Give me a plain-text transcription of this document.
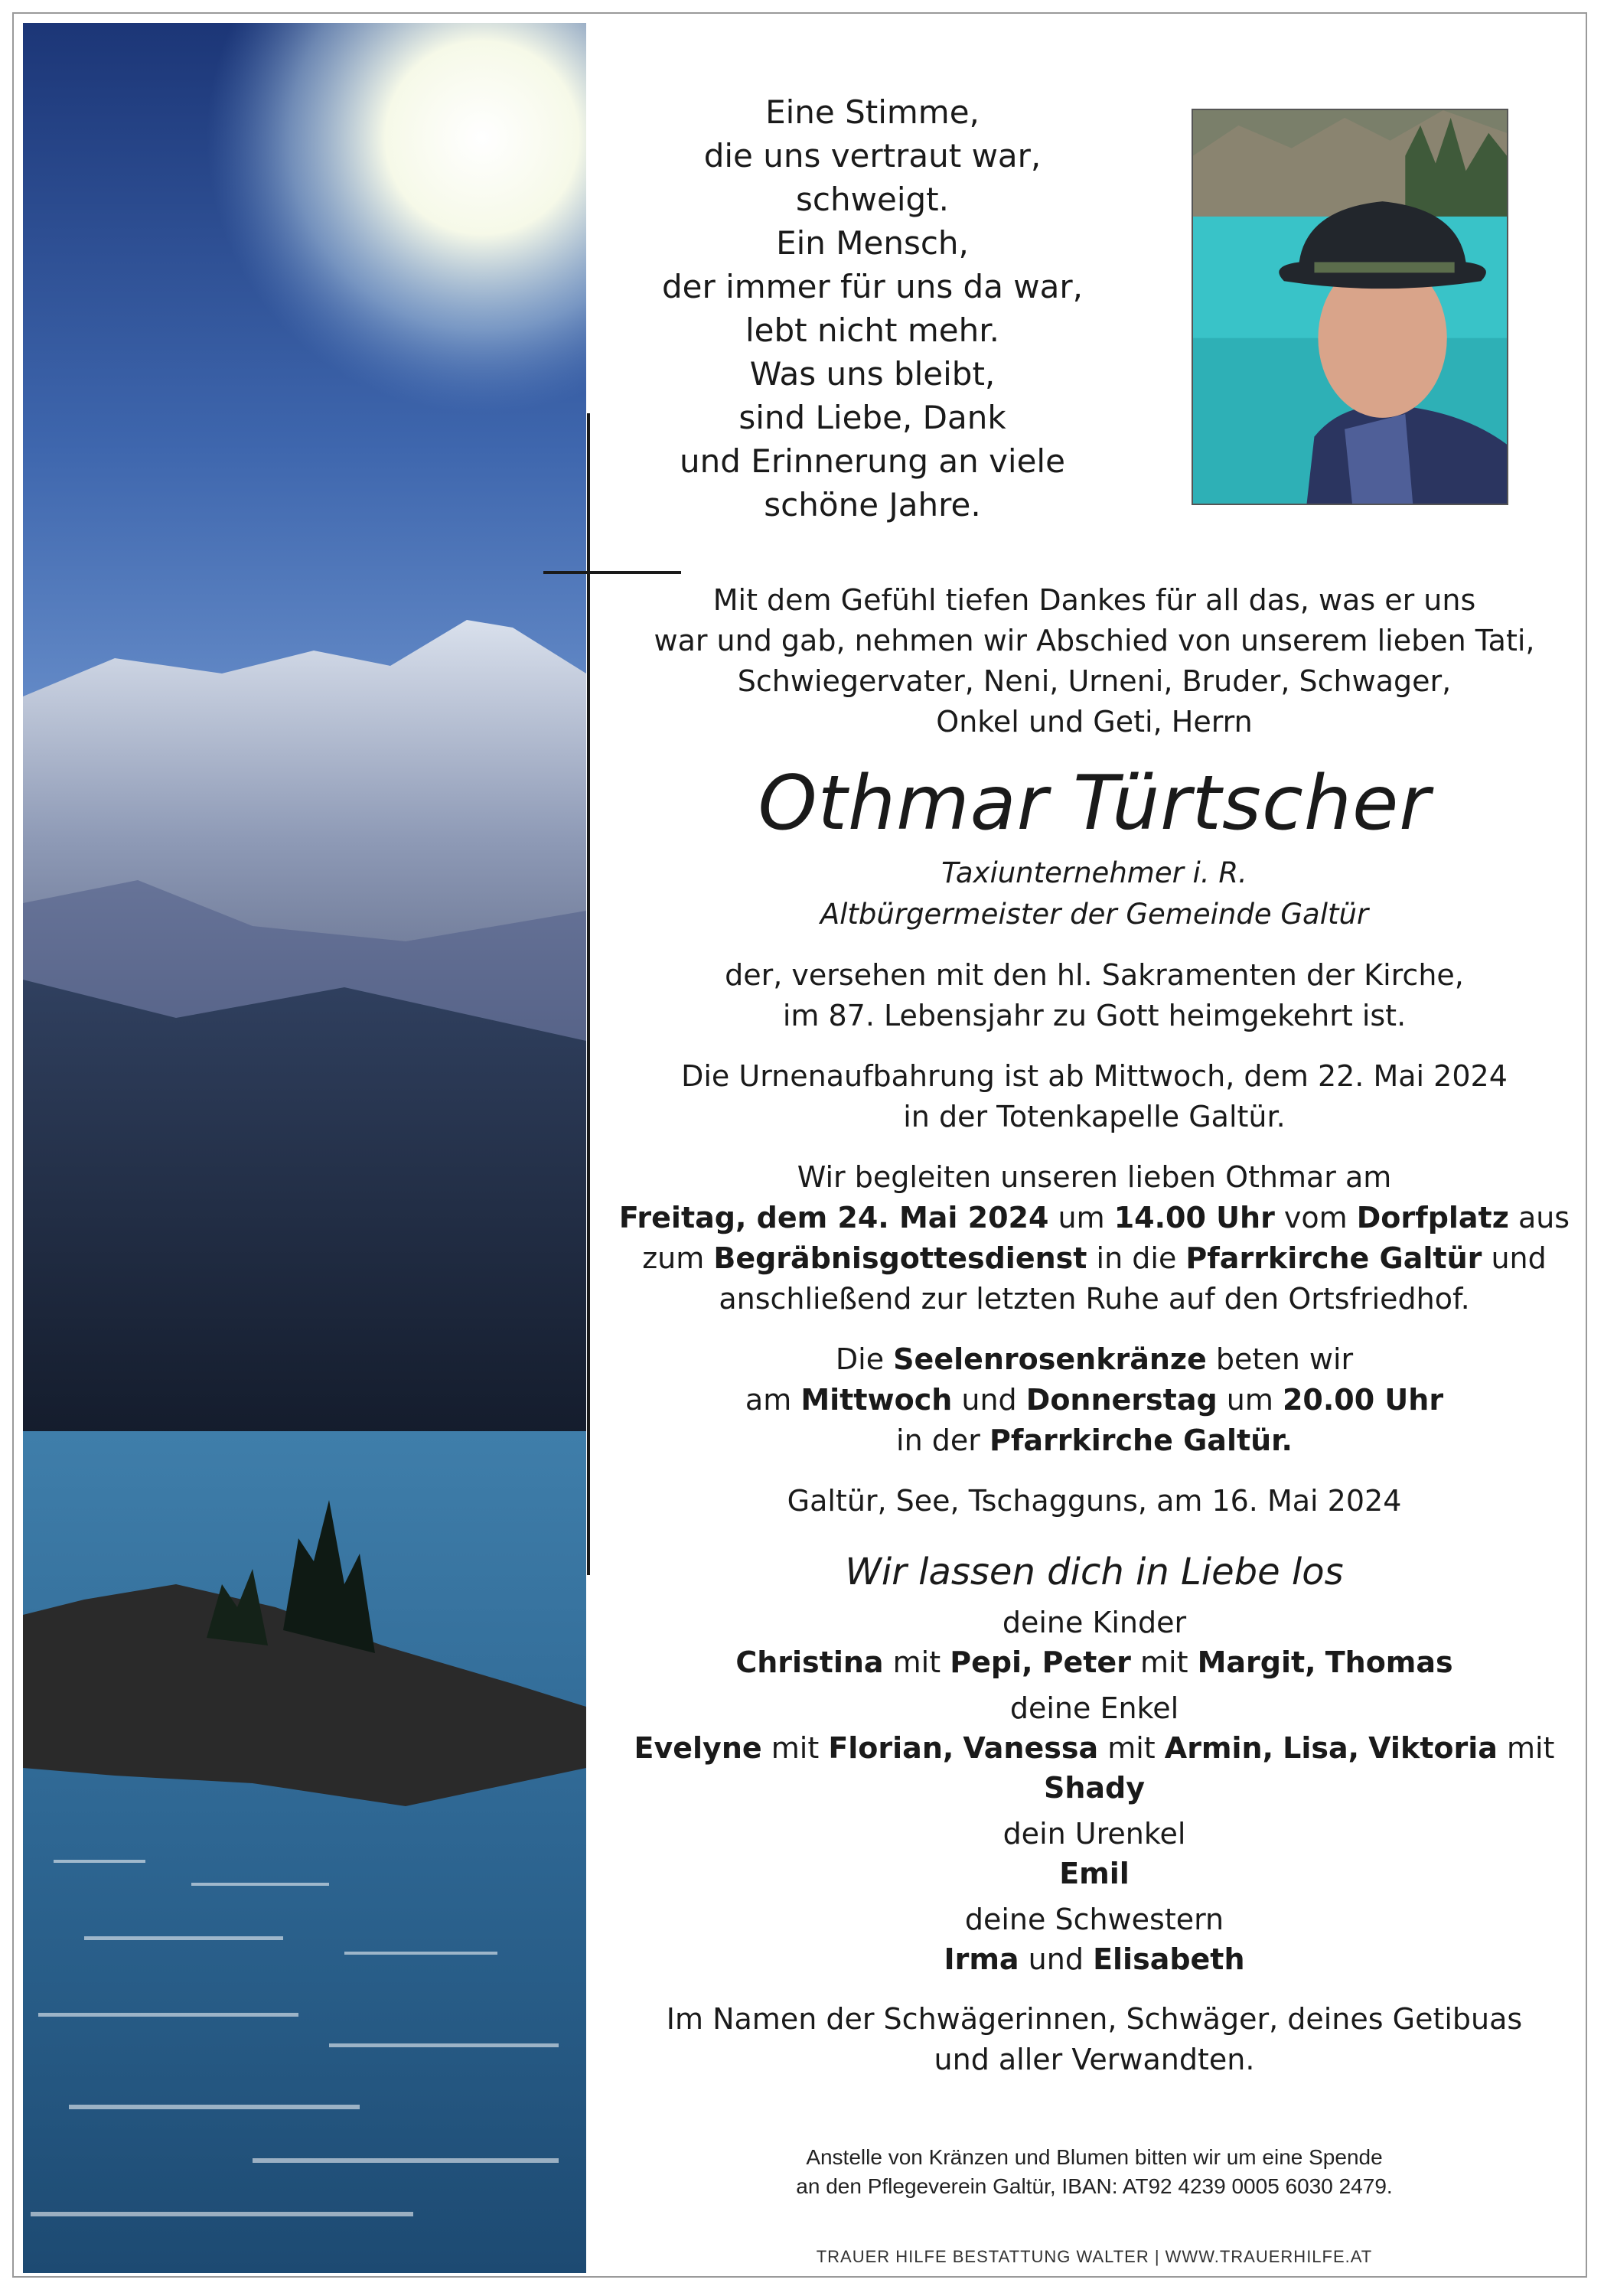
Eine Stimme,
die uns vertraut war,
schweigt.
Ein Mensch,
der immer für uns da war,
lebt nicht mehr.
Was uns bleibt,
sind Liebe, Dank
und Erinnerung an viele
schöne Jahre.

Mit dem Gefühl tiefen Dankes für all das, was er uns
war und gab, nehmen wir Abschied von unserem lieben Tati,
Schwiegervater, Neni, Urneni, Bruder, Schwager,
Onkel und Geti, Herrn

Othmar Türtscher

Taxiunternehmer i. R.
Altbürgermeister der Gemeinde Galtür

der, versehen mit den hl. Sakramenten der Kirche,
im 87. Lebensjahr zu Gott heimgekehrt ist.

Die Urnenaufbahrung ist ab Mittwoch, dem 22. Mai 2024
in der Totenkapelle Galtür.

Wir begleiten unseren lieben Othmar am
Freitag, dem 24. Mai 2024 um 14.00 Uhr vom Dorfplatz aus
zum Begräbnisgottesdienst in die Pfarrkirche Galtür und
anschließend zur letzten Ruhe auf den Ortsfriedhof.

Die Seelenrosenkränze beten wir
am Mittwoch und Donnerstag um 20.00 Uhr
in der Pfarrkirche Galtür.

Galtür, See, Tschagguns, am 16. Mai 2024

Wir lassen dich in Liebe los
deine Kinder
Christina mit Pepi, Peter mit Margit, Thomas
deine Enkel
Evelyne mit Florian, Vanessa mit Armin, Lisa, Viktoria mit Shady
dein Urenkel
Emil
deine Schwestern
Irma und Elisabeth

Im Namen der Schwägerinnen, Schwäger, deines Getibuas
und aller Verwandten.

Anstelle von Kränzen und Blumen bitten wir um eine Spende
an den Pflegeverein Galtür, IBAN: AT92 4239 0005 6030 2479.
TRAUER HILFE BESTATTUNG WALTER | WWW.TRAUERHILFE.AT
